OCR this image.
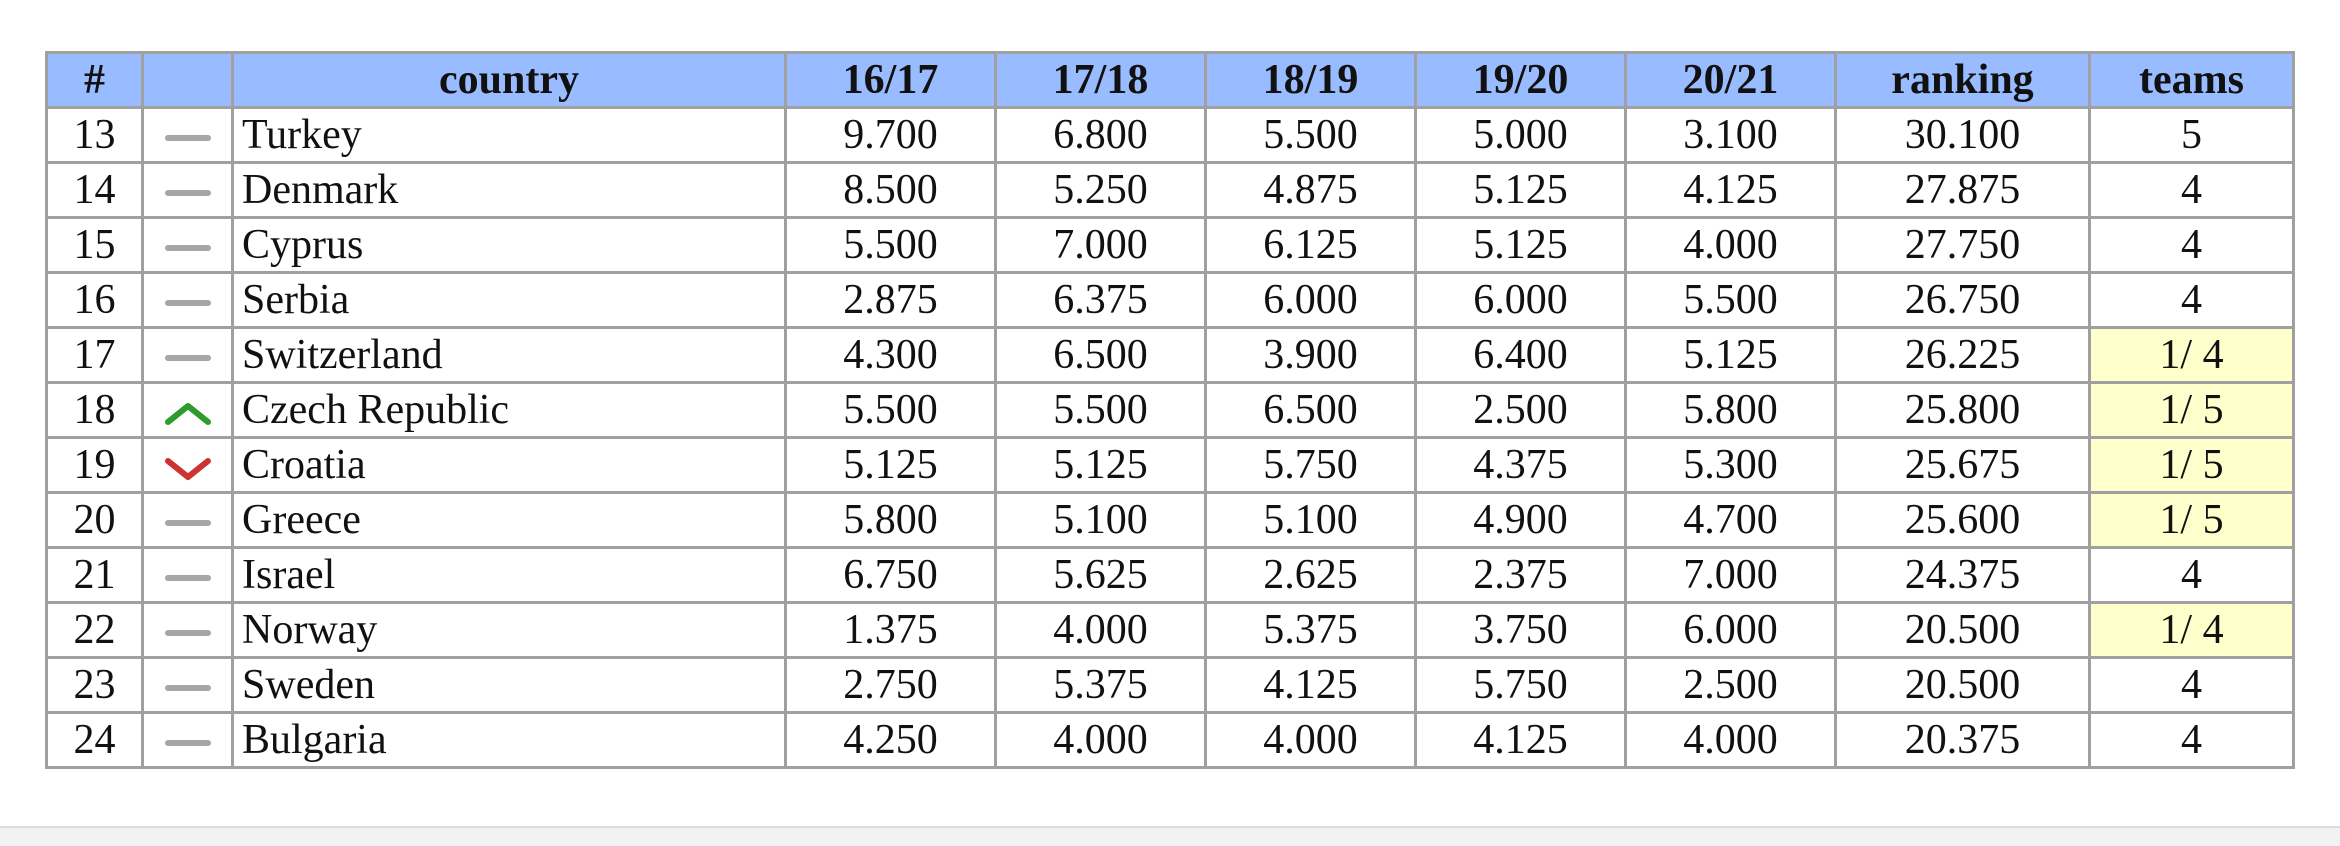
#		country	16/17	17/18	18/19	19/20	20/21	ranking	teams
13		Turkey	9.700	6.800	5.500	5.000	3.100	30.100	5
14		Denmark	8.500	5.250	4.875	5.125	4.125	27.875	4
15		Cyprus	5.500	7.000	6.125	5.125	4.000	27.750	4
16		Serbia	2.875	6.375	6.000	6.000	5.500	26.750	4
17		Switzerland	4.300	6.500	3.900	6.400	5.125	26.225	1/ 4
18		Czech Republic	5.500	5.500	6.500	2.500	5.800	25.800	1/ 5
19		Croatia	5.125	5.125	5.750	4.375	5.300	25.675	1/ 5
20		Greece	5.800	5.100	5.100	4.900	4.700	25.600	1/ 5
21		Israel	6.750	5.625	2.625	2.375	7.000	24.375	4
22		Norway	1.375	4.000	5.375	3.750	6.000	20.500	1/ 4
23		Sweden	2.750	5.375	4.125	5.750	2.500	20.500	4
24		Bulgaria	4.250	4.000	4.000	4.125	4.000	20.375	4
